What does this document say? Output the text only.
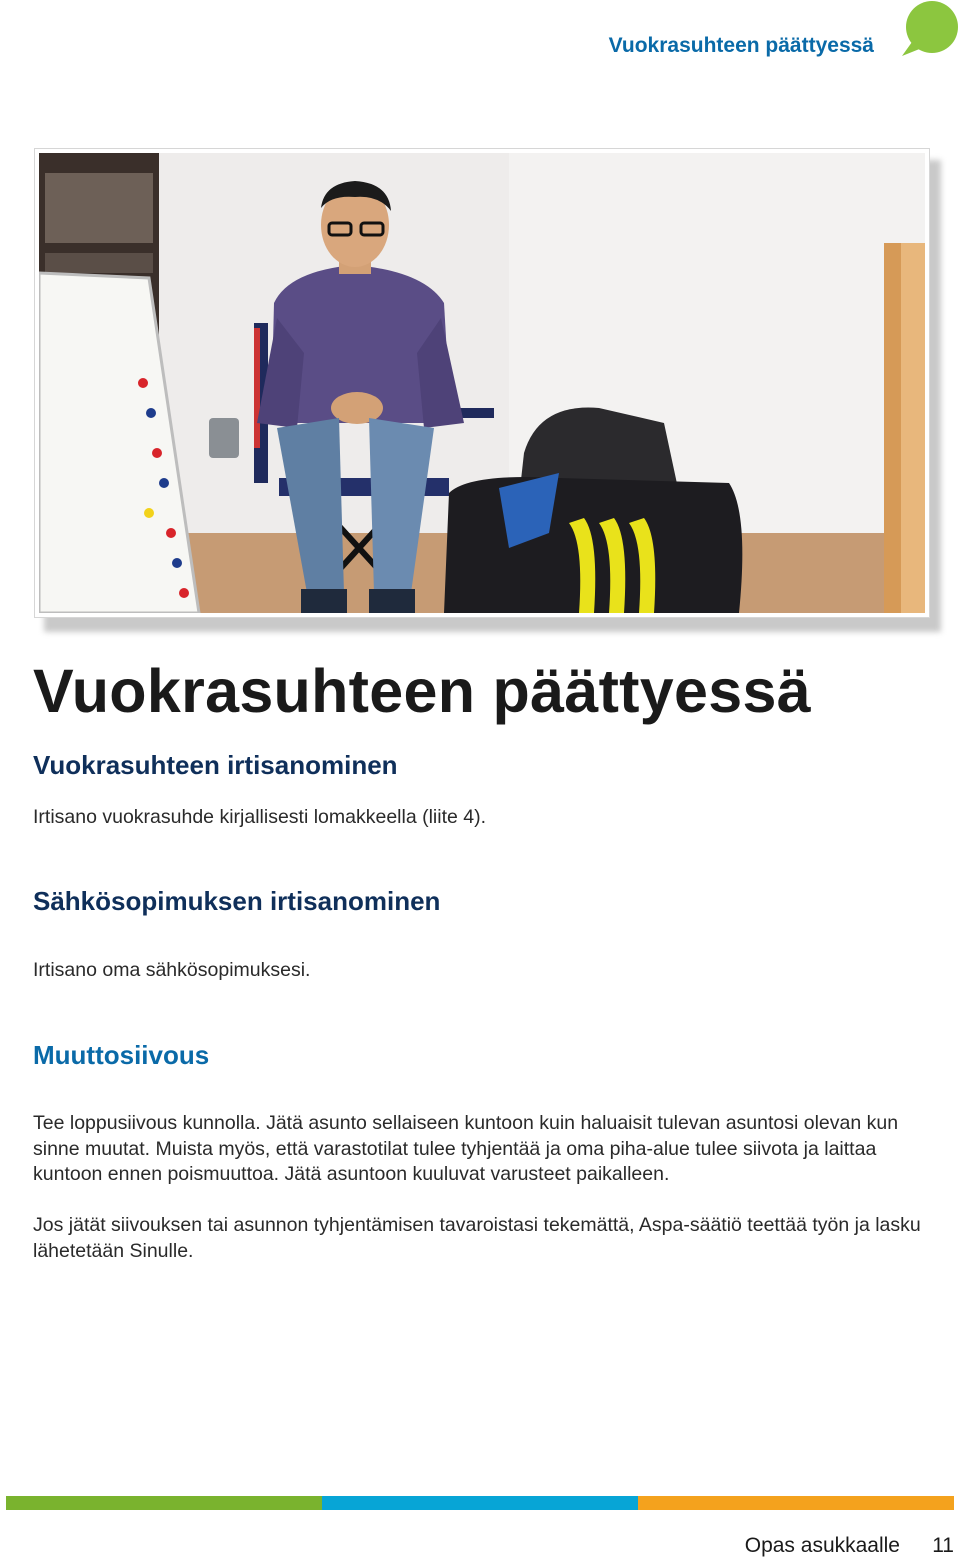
Vuokrasuhteen päättyessä
Vuokrasuhteen päättyessä
Vuokrasuhteen irtisanominen

Irtisano vuokrasuhde kirjallisesti lomakkeella (liite 4).

Sähkösopimuksen irtisanominen

Irtisano oma sähkösopimuksesi.

Muuttosiivous

Tee loppusiivous kunnolla. Jätä asunto sellaiseen kuntoon kuin haluaisit tulevan asuntosi olevan kun sinne muutat. Muista myös, että varastotilat tulee tyhjentää ja oma piha-alue tulee siivota ja laittaa kuntoon ennen poismuuttoa. Jätä asuntoon kuuluvat varusteet paikalleen.

Jos jätät siivouksen tai asunnon tyhjentämisen tavaroistasi tekemättä, Aspa-säätiö teettää työn ja lasku lähetetään Sinulle.

Opas asukkaalle 11
